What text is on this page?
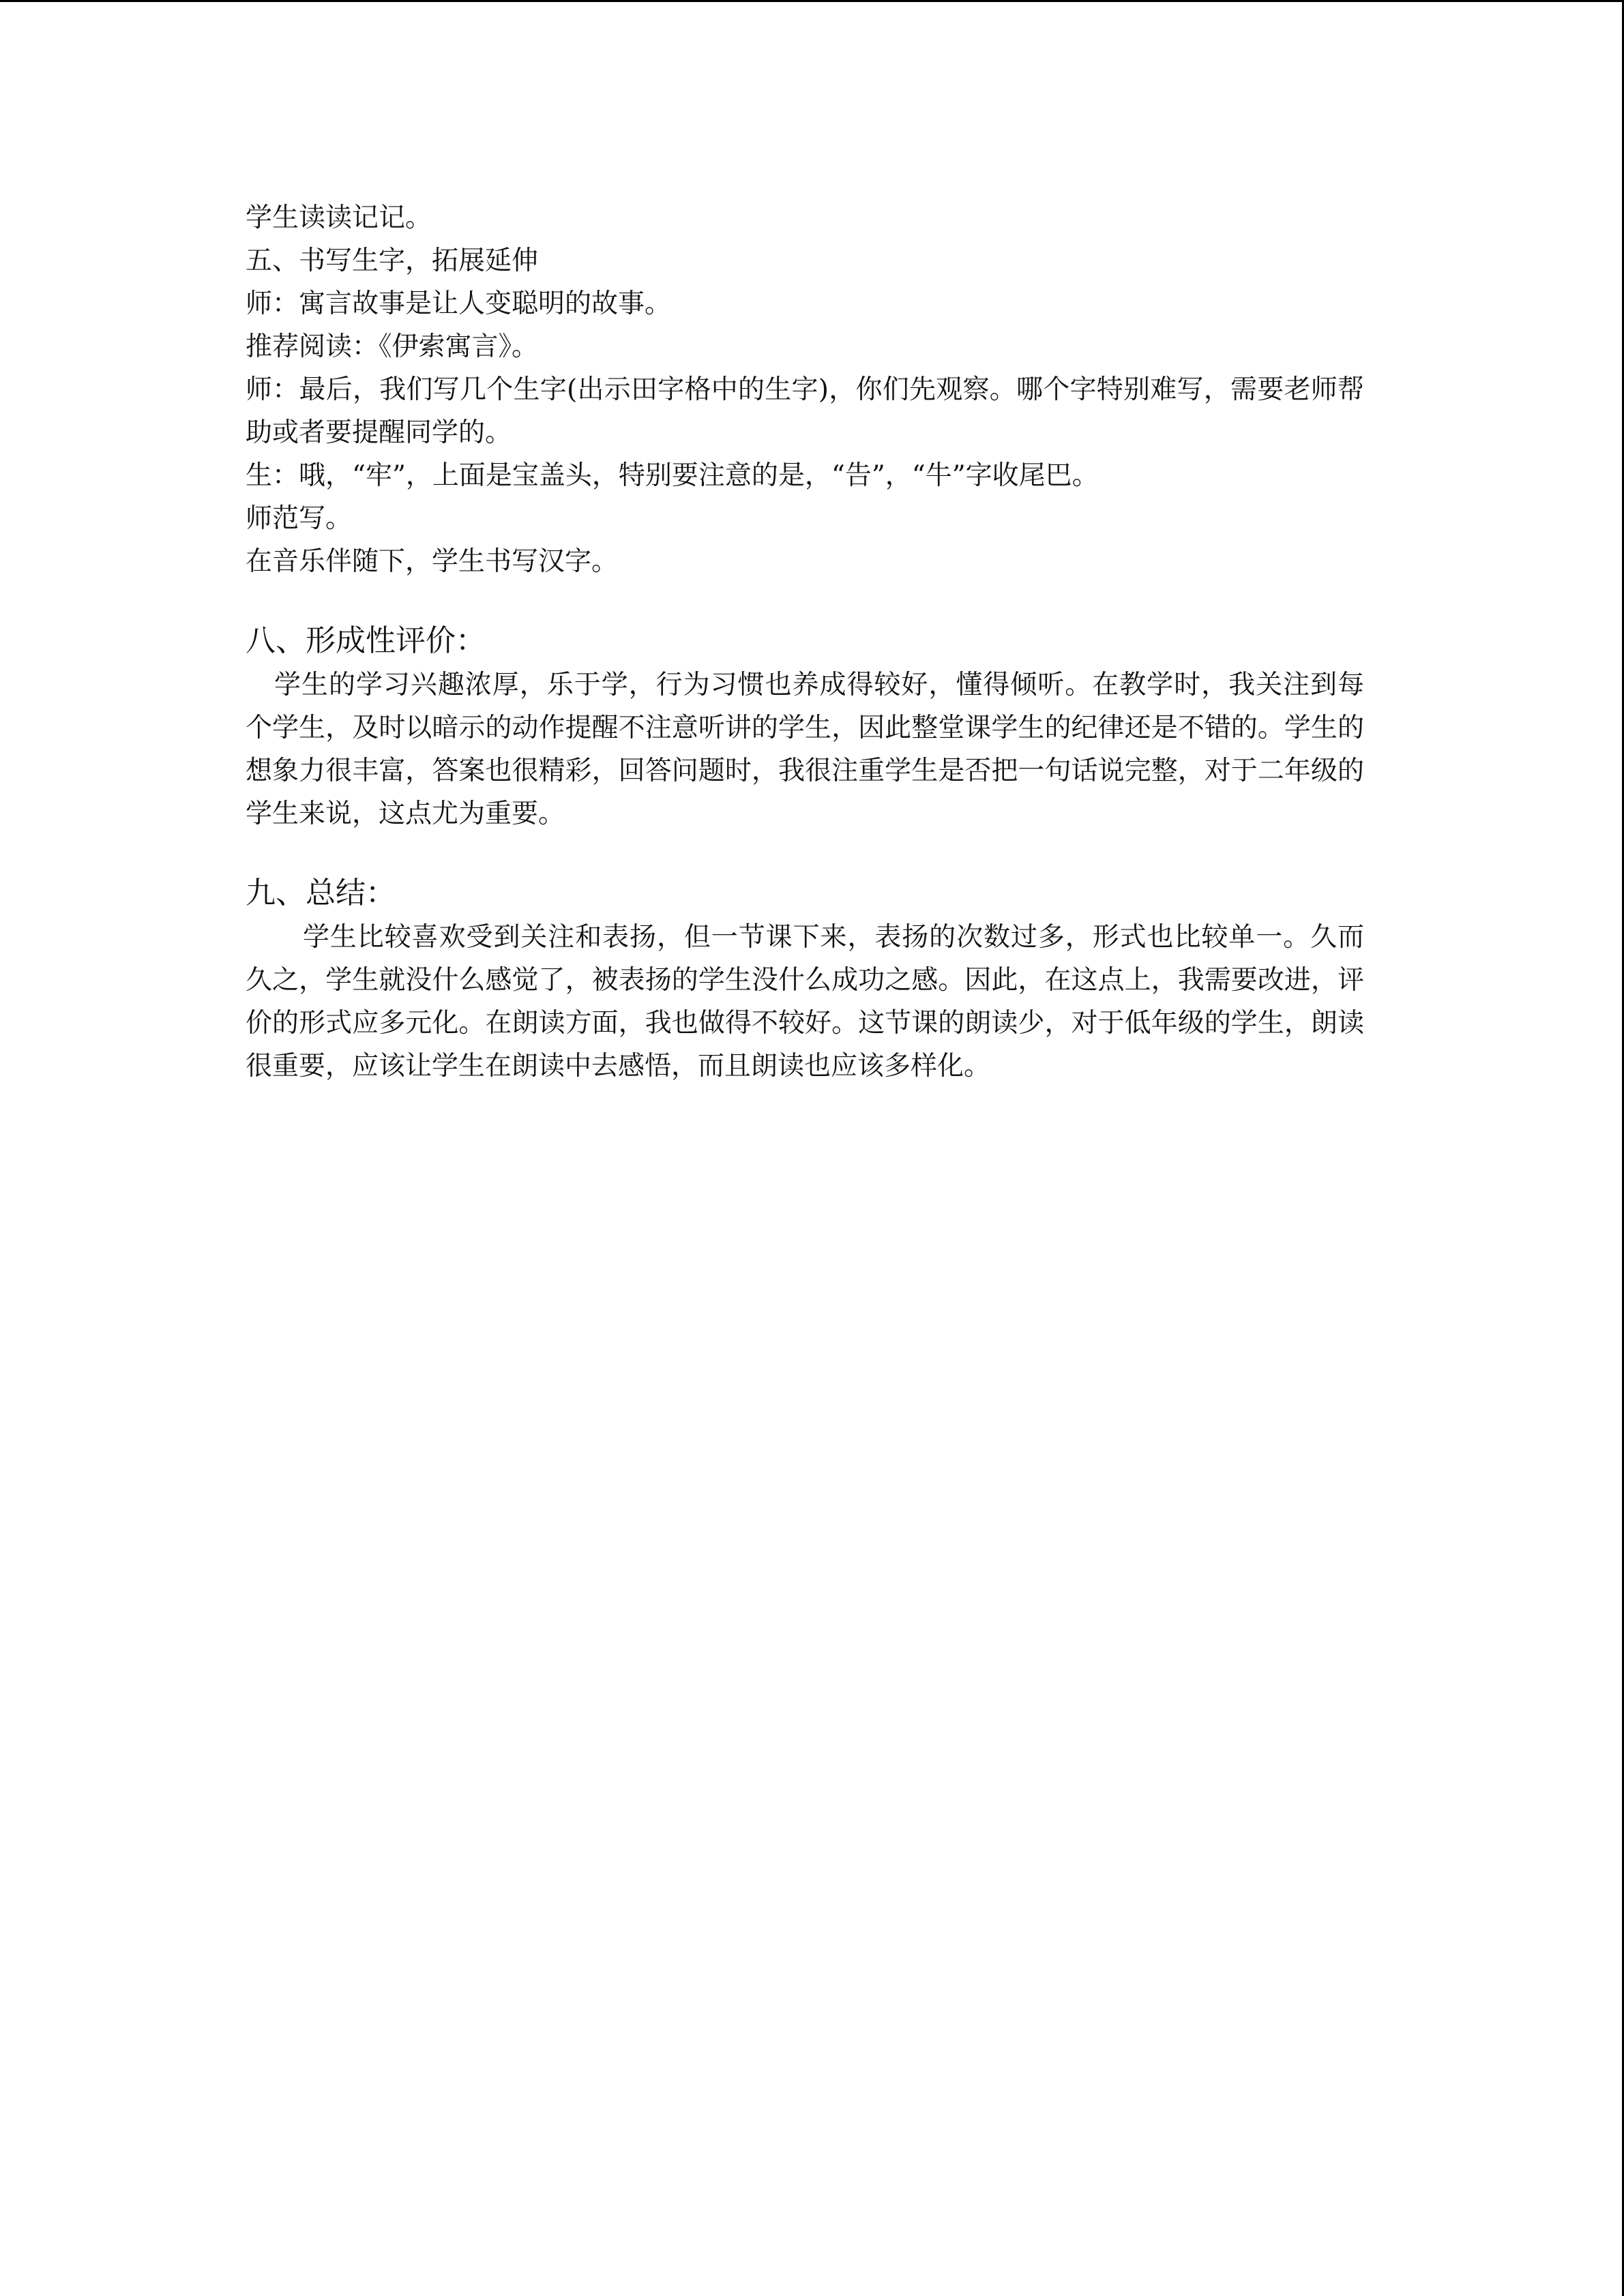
学生读读记记。

五、书写生字，拓展延伸

师：寓言故事是让人变聪明的故事。

推荐阅读：《伊索寓言》。

师：最后，我们写几个生字(出示田字格中的生字)，你们先观察。哪个字特别难写，需要老师帮助或者要提醒同学的。

生：哦，“牢”，上面是宝盖头，特别要注意的是，“告”，“牛”字收尾巴。

师范写。

在音乐伴随下，学生书写汉字。

八、形成性评价：

学生的学习兴趣浓厚，乐于学，行为习惯也养成得较好，懂得倾听。在教学时，我关注到每个学生，及时以暗示的动作提醒不注意听讲的学生，因此整堂课学生的纪律还是不错的。学生的想象力很丰富，答案也很精彩，回答问题时，我很注重学生是否把一句话说完整，对于二年级的学生来说，这点尤为重要。

九、总结：

学生比较喜欢受到关注和表扬，但一节课下来，表扬的次数过多，形式也比较单一。久而久之，学生就没什么感觉了，被表扬的学生没什么成功之感。因此，在这点上，我需要改进，评价的形式应多元化。在朗读方面，我也做得不较好。这节课的朗读少，对于低年级的学生，朗读很重要，应该让学生在朗读中去感悟，而且朗读也应该多样化。
